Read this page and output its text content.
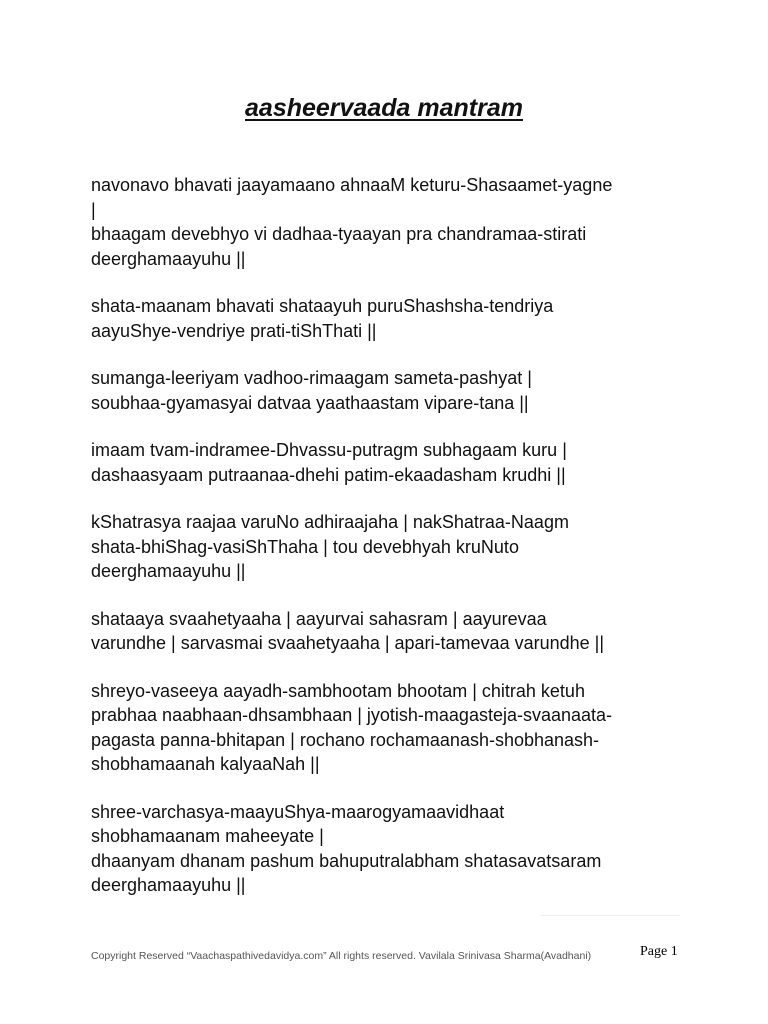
aasheervaada mantram
navonavo bhavati jaayamaano ahnaaM keturu-Shasaamet-yagne
|
bhaagam devebhyo vi dadhaa-tyaayan pra chandramaa-stirati
deerghamaayuhu ||
shata-maanam bhavati shataayuh puruShashsha-tendriya
aayuShye-vendriye prati-tiShThati ||
sumanga-leeriyam vadhoo-rimaagam sameta-pashyat |
soubhaa-gyamasyai datvaa yaathaastam vipare-tana ||
imaam tvam-indramee-Dhvassu-putragm subhagaam kuru |
dashaasyaam putraanaa-dhehi patim-ekaadasham krudhi ||
kShatrasya raajaa varuNo adhiraajaha | nakShatraa-Naagm
shata-bhiShag-vasiShThaha | tou devebhyah kruNuto
deerghamaayuhu ||
shataaya svaahetyaaha | aayurvai sahasram | aayurevaa
varundhe | sarvasmai svaahetyaaha | apari-tamevaa varundhe ||
shreyo-vaseeya aayadh-sambhootam bhootam | chitrah ketuh
prabhaa naabhaan-dhsambhaan | jyotish-maagasteja-svaanaata-
pagasta panna-bhitapan | rochano rochamaanash-shobhanash-
shobhamaanah kalyaaNah ||
shree-varchasya-maayuShya-maarogyamaavidhaat
shobhamaanam maheeyate |
dhaanyam dhanam pashum bahuputralabham shatasavatsaram
deerghamaayuhu ||
Copyright Reserved “Vaachaspathivedavidya.com” All rights reserved. Vavilala Srinivasa Sharma(Avadhani)	Page 1
